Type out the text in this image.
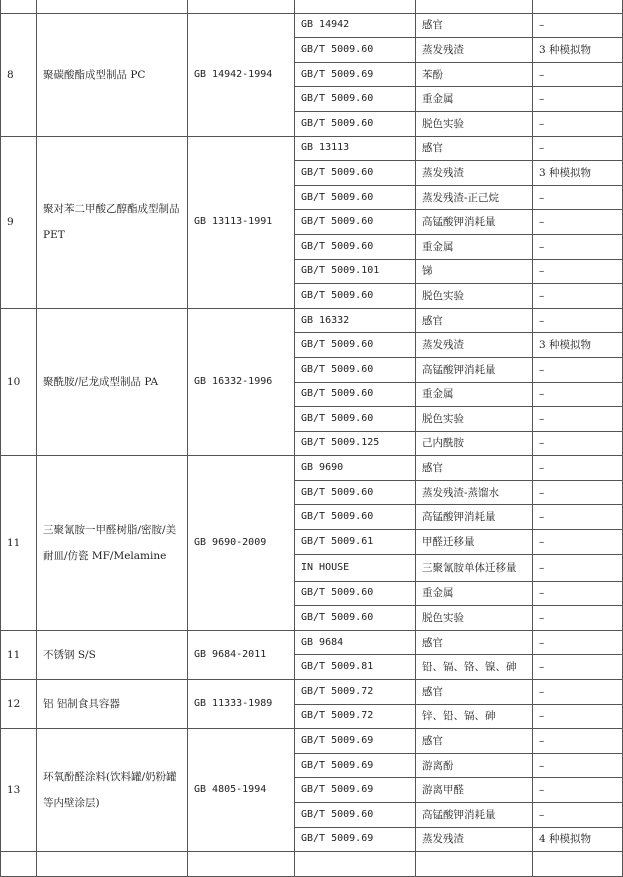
8	聚碳酸酯成型制品 PC	GB 14942-1994	GB 14942	感官	–
			GB/T 5009.60	蒸发残渣	3 种模拟物
			GB/T 5009.69	苯酚	–
			GB/T 5009.60	重金属	–
			GB/T 5009.60	脱色实验	–
9	聚对苯二甲酸乙醇酯成型制品 PET	GB 13113-1991	GB 13113	感官	–
			GB/T 5009.60	蒸发残渣	3 种模拟物
			GB/T 5009.60	蒸发残渣-正己烷	–
			GB/T 5009.60	高锰酸钾消耗量	–
			GB/T 5009.60	重金属	–
			GB/T 5009.101	锑	–
			GB/T 5009.60	脱色实验	–
10	聚酰胺/尼龙成型制品 PA	GB 16332-1996	GB 16332	感官	–
			GB/T 5009.60	蒸发残渣	3 种模拟物
			GB/T 5009.60	高锰酸钾消耗量	–
			GB/T 5009.60	重金属	–
			GB/T 5009.60	脱色实验	–
			GB/T 5009.125	己内酰胺	–
11	三聚氰胺一甲醛树脂/密胺/美耐皿/仿瓷 MF/Melamine	GB 9690-2009	GB 9690	感官	–
			GB/T 5009.60	蒸发残渣-蒸馏水	–
			GB/T 5009.60	高锰酸钾消耗量	–
			GB/T 5009.61	甲醛迁移量	–
			IN HOUSE	三聚氰胺单体迁移量	–
			GB/T 5009.60	重金属	–
			GB/T 5009.60	脱色实验	–
11	不锈钢 S/S	GB 9684-2011	GB 9684	感官	–
			GB/T 5009.81	铅、镉、铬、镍、砷	–
12	铝 铝制食具容器	GB 11333-1989	GB/T 5009.72	感官	–
			GB/T 5009.72	锌、铅、镉、砷	–
13	环氧酚醛涂料(饮料罐/奶粉罐等内壁涂层)	GB 4805-1994	GB/T 5009.69	感官	–
			GB/T 5009.69	游离酚	–
			GB/T 5009.69	游离甲醛	–
			GB/T 5009.60	高锰酸钾消耗量	–
			GB/T 5009.69	蒸发残渣	4 种模拟物
